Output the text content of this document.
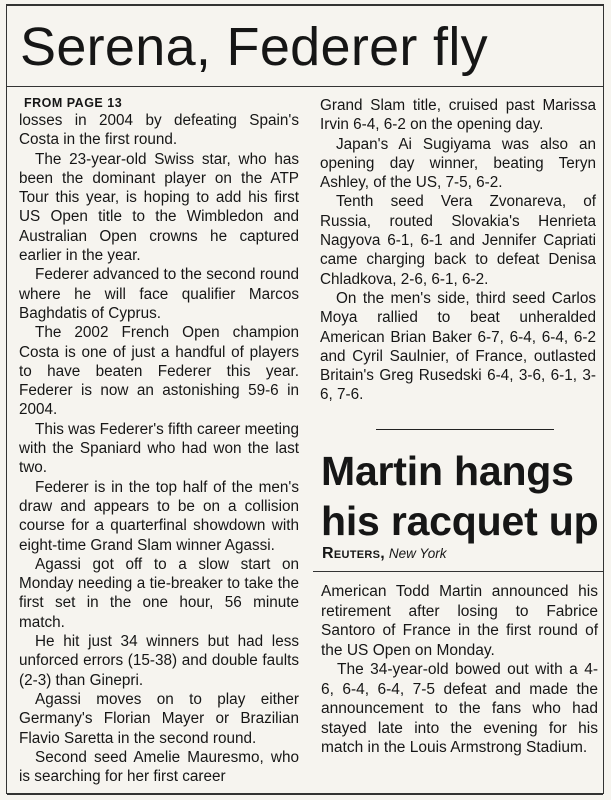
Serena, Federer fly
FROM PAGE 13

losses in 2004 by defeating Spain's Costa in the first round.

The 23-year-old Swiss star, who has been the dominant player on the ATP Tour this year, is hoping to add his first US Open title to the Wimbledon and Australian Open crowns he captured earlier in the year.

Federer advanced to the second round where he will face qualifier Marcos Baghdatis of Cyprus.

The 2002 French Open champion Costa is one of just a handful of players to have beaten Federer this year. Federer is now an astonishing 59-6 in 2004.

This was Federer's fifth career meeting with the Spaniard who had won the last two.

Federer is in the top half of the men's draw and appears to be on a collision course for a quarterfinal showdown with eight-time Grand Slam winner Agassi.

Agassi got off to a slow start on Monday needing a tie-breaker to take the first set in the one hour, 56 minute match.

He hit just 34 winners but had less unforced errors (15-38) and double faults (2-3) than Ginepri.

Agassi moves on to play either Germany's Florian Mayer or Brazilian Flavio Saretta in the second round.

Second seed Amelie Mauresmo, who is searching for her first career

Grand Slam title, cruised past Marissa Irvin 6-4, 6-2 on the opening day.

Japan's Ai Sugiyama was also an opening day winner, beating Teryn Ashley, of the US, 7-5, 6-2.

Tenth seed Vera Zvonareva, of Russia, routed Slovakia's Henrieta Nagyova 6-1, 6-1 and Jennifer Capriati came charging back to defeat Denisa Chladkova, 2-6, 6-1, 6-2.

On the men's side, third seed Carlos Moya rallied to beat unheralded American Brian Baker 6-7, 6-4, 6-4, 6-2 and Cyril Saulnier, of France, outlasted Britain's Greg Rusedski 6-4, 3-6, 6-1, 3-6, 7-6.

Martin hangs his racquet up
Reuters, New York

American Todd Martin announced his retirement after losing to Fabrice Santoro of France in the first round of the US Open on Monday.

The 34-year-old bowed out with a 4-6, 6-4, 6-4, 7-5 defeat and made the announcement to the fans who had stayed late into the evening for his match in the Louis Armstrong Stadium.
